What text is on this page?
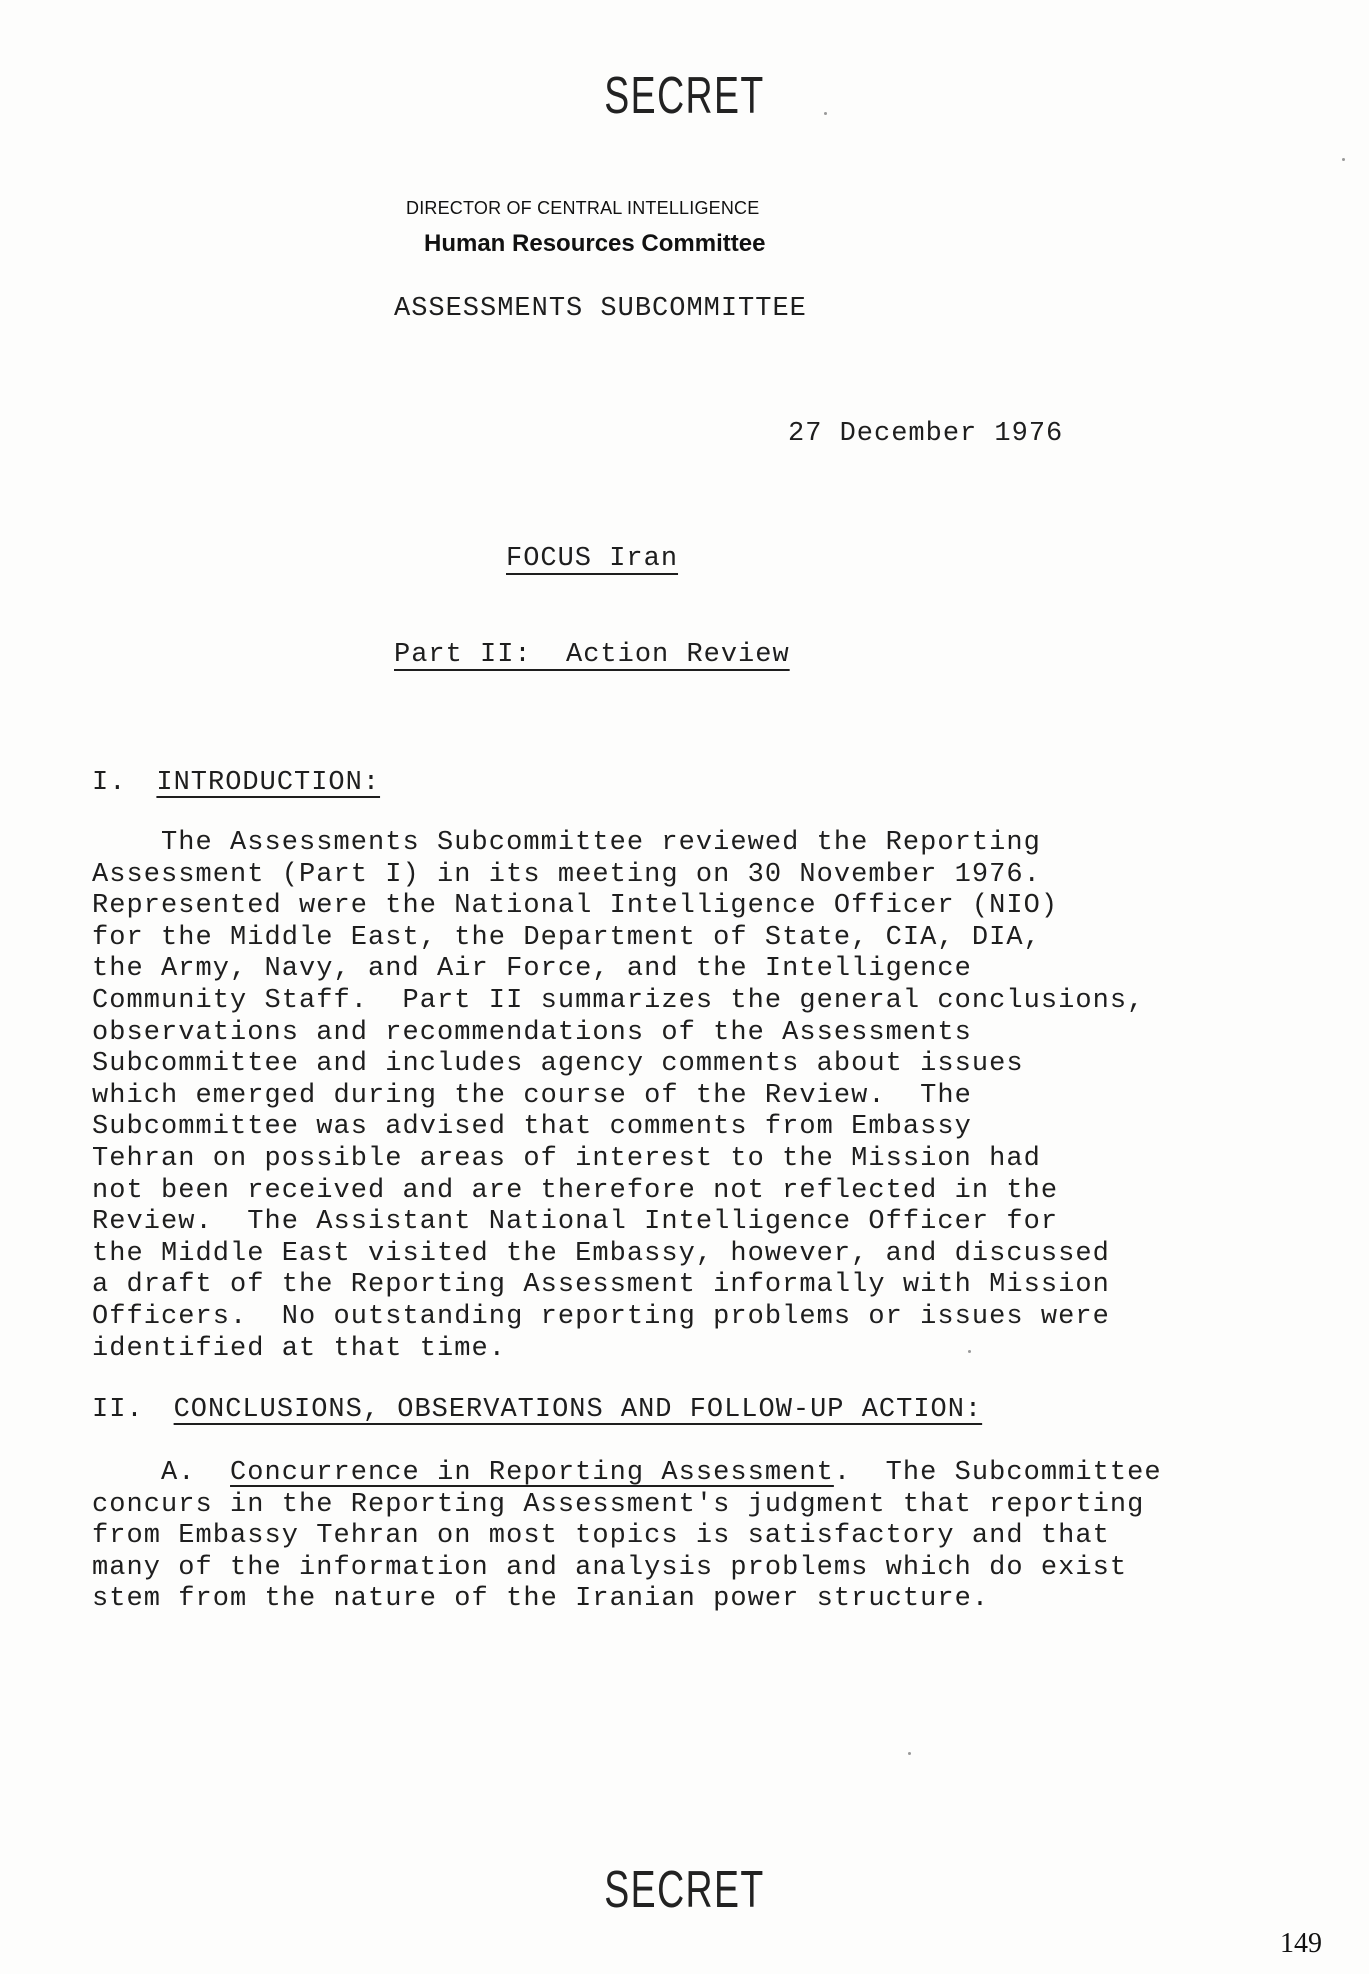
SECRET
DIRECTOR OF CENTRAL INTELLIGENCE
Human Resources Committee
ASSESSMENTS SUBCOMMITTEE
27 December 1976
FOCUS Iran
Part II:  Action Review
I. INTRODUCTION:
The Assessments Subcommittee reviewed the Reporting
Assessment (Part I) in its meeting on 30 November 1976.
Represented were the National Intelligence Officer (NIO)
for the Middle East, the Department of State, CIA, DIA,
the Army, Navy, and Air Force, and the Intelligence
Community Staff.  Part II summarizes the general conclusions,
observations and recommendations of the Assessments
Subcommittee and includes agency comments about issues
which emerged during the course of the Review.  The
Subcommittee was advised that comments from Embassy
Tehran on possible areas of interest to the Mission had
not been received and are therefore not reflected in the
Review.  The Assistant National Intelligence Officer for
the Middle East visited the Embassy, however, and discussed
a draft of the Reporting Assessment informally with Mission
Officers.  No outstanding reporting problems or issues were
identified at that time.
II. CONCLUSIONS, OBSERVATIONS AND FOLLOW-UP ACTION:
A.  Concurrence in Reporting Assessment.  The Subcommittee
concurs in the Reporting Assessment's judgment that reporting
from Embassy Tehran on most topics is satisfactory and that
many of the information and analysis problems which do exist
stem from the nature of the Iranian power structure.
SECRET
149
